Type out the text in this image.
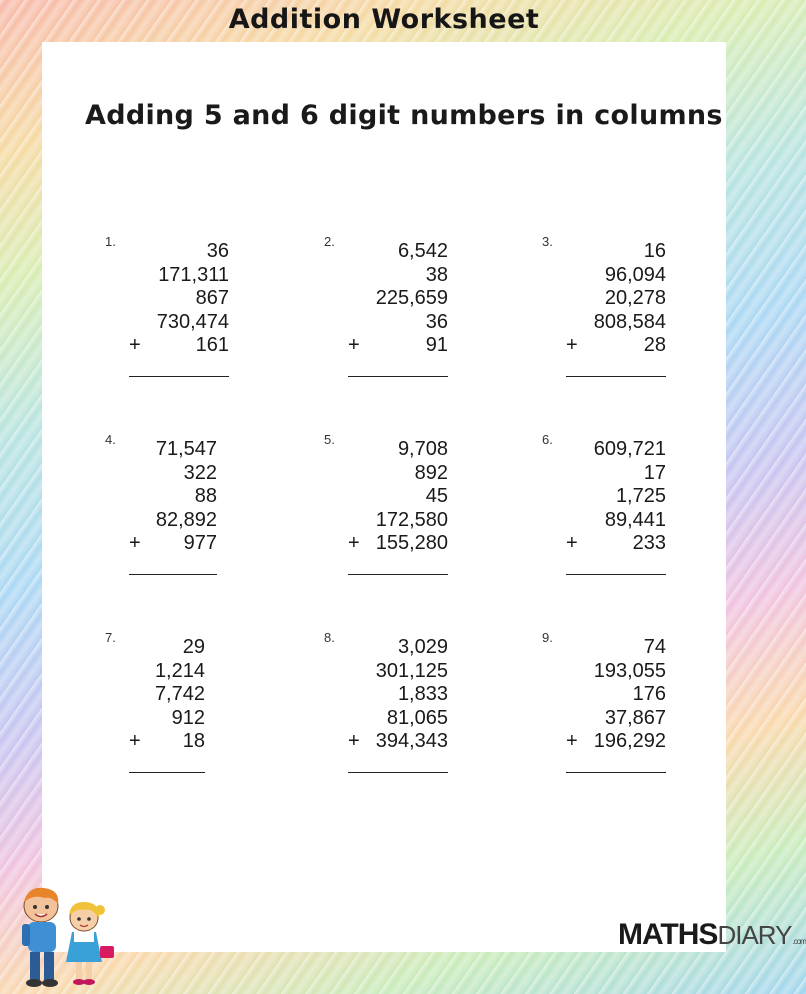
Addition Worksheet
Adding 5 and 6 digit numbers in columns
1.	36
171,311
867
730,474
+	161
2.	6,542
38
225,659
36
+	91
3.	16
96,094
20,278
808,584
+	28
4.	71,547
322
88
82,892
+ 977
5.	9,708
892
45
172,580
+ 155,280
6.	609,721
17
1,725
89,441
+	233
7.	29
1,214
7,742
912
+ 18
8.	3,029
301,125
1,833
81,065
+ 394,343
9.	74
193,055
176
37,867
+ 196,292
MATHSDIARY.com
